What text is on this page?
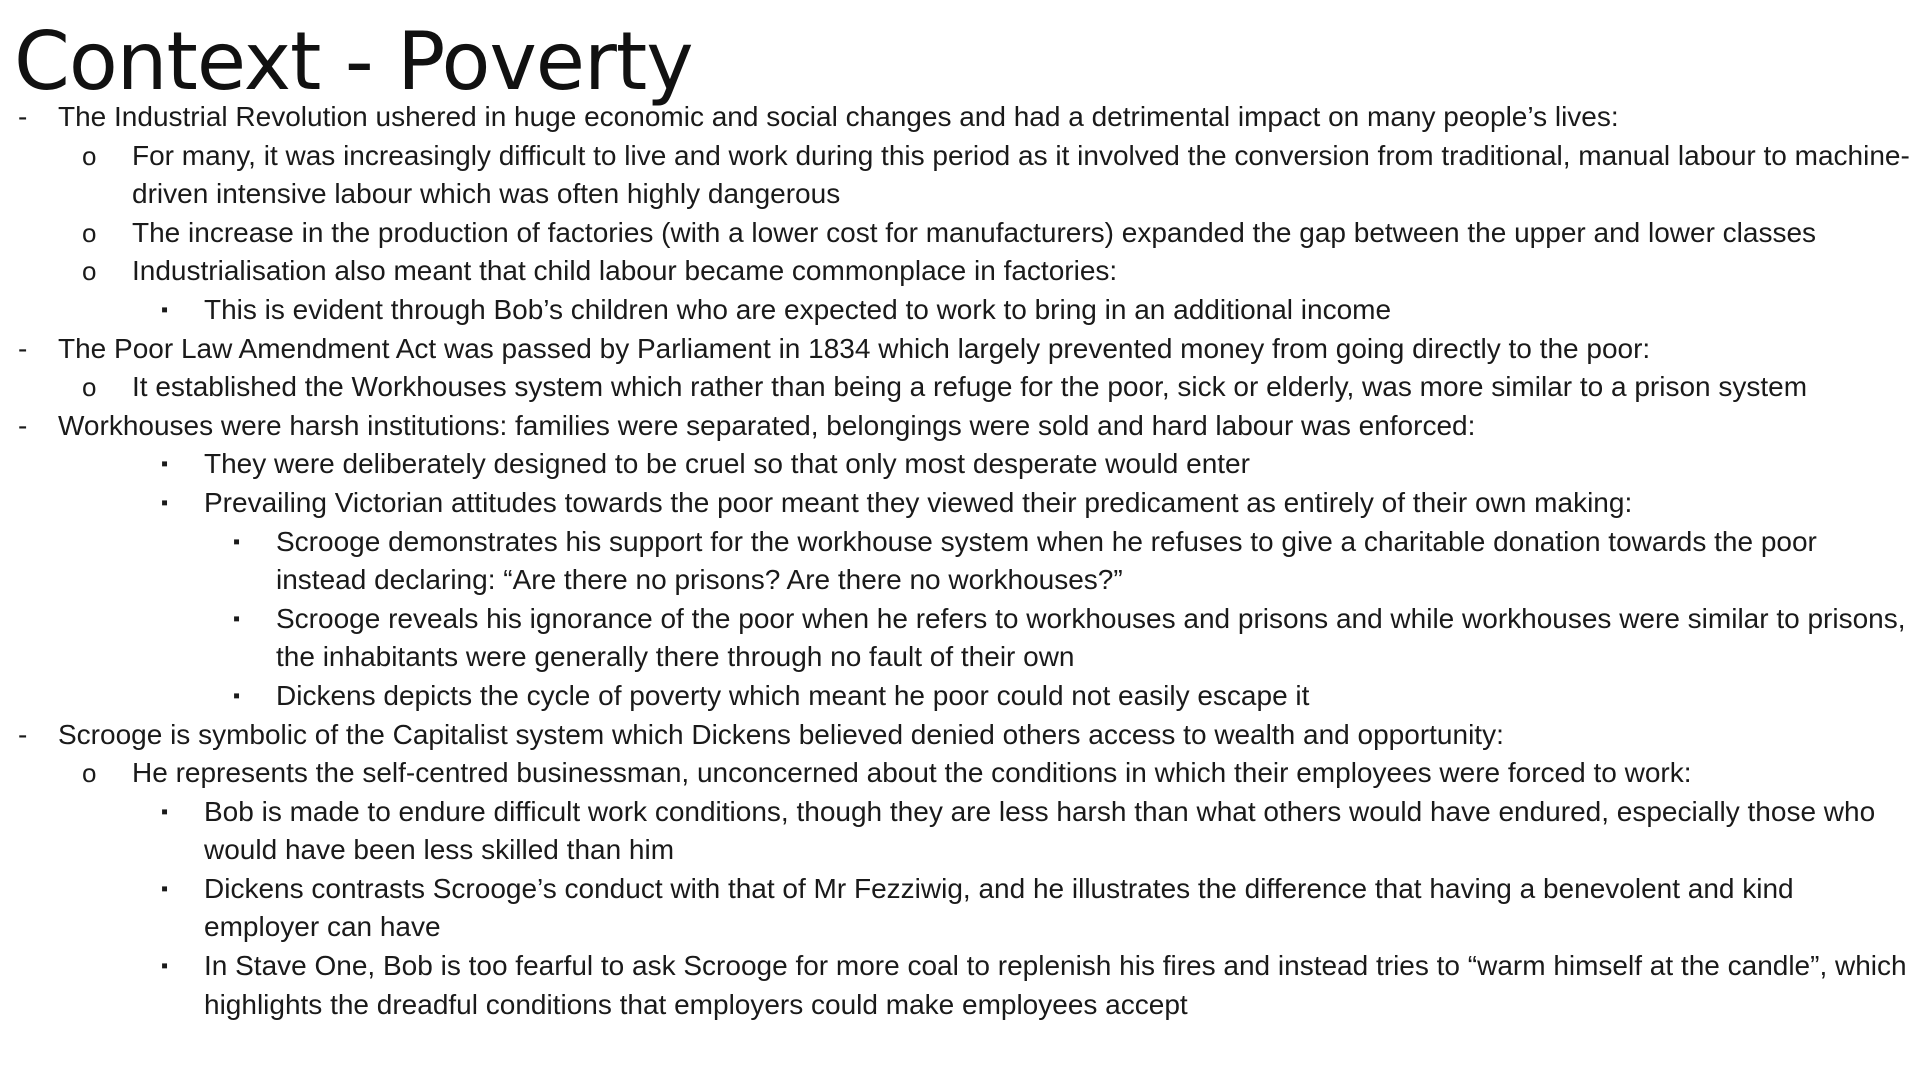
Context - Poverty
- The Industrial Revolution ushered in huge economic and social changes and had a detrimental impact on many people’s lives:
o For many, it was increasingly difficult to live and work during this period as it involved the conversion from traditional, manual labour to machine-driven intensive labour which was often highly dangerous
o The increase in the production of factories (with a lower cost for manufacturers) expanded the gap between the upper and lower classes
o Industrialisation also meant that child labour became commonplace in factories:
▪ This is evident through Bob’s children who are expected to work to bring in an additional income
- The Poor Law Amendment Act was passed by Parliament in 1834 which largely prevented money from going directly to the poor:
o It established the Workhouses system which rather than being a refuge for the poor, sick or elderly, was more similar to a prison system
- Workhouses were harsh institutions: families were separated, belongings were sold and hard labour was enforced:
▪ They were deliberately designed to be cruel so that only most desperate would enter
▪ Prevailing Victorian attitudes towards the poor meant they viewed their predicament as entirely of their own making:
▪ Scrooge demonstrates his support for the workhouse system when he refuses to give a charitable donation towards the poor instead declaring: “Are there no prisons? Are there no workhouses?”
▪ Scrooge reveals his ignorance of the poor when he refers to workhouses and prisons and while workhouses were similar to prisons, the inhabitants were generally there through no fault of their own
▪ Dickens depicts the cycle of poverty which meant he poor could not easily escape it
- Scrooge is symbolic of the Capitalist system which Dickens believed denied others access to wealth and opportunity:
o He represents the self-centred businessman, unconcerned about the conditions in which their employees were forced to work:
▪ Bob is made to endure difficult work conditions, though they are less harsh than what others would have endured, especially those who would have been less skilled than him
▪ Dickens contrasts Scrooge’s conduct with that of Mr Fezziwig, and he illustrates the difference that having a benevolent and kind employer can have
▪ In Stave One, Bob is too fearful to ask Scrooge for more coal to replenish his fires and instead tries to “warm himself at the candle”, which highlights the dreadful conditions that employers could make employees accept
